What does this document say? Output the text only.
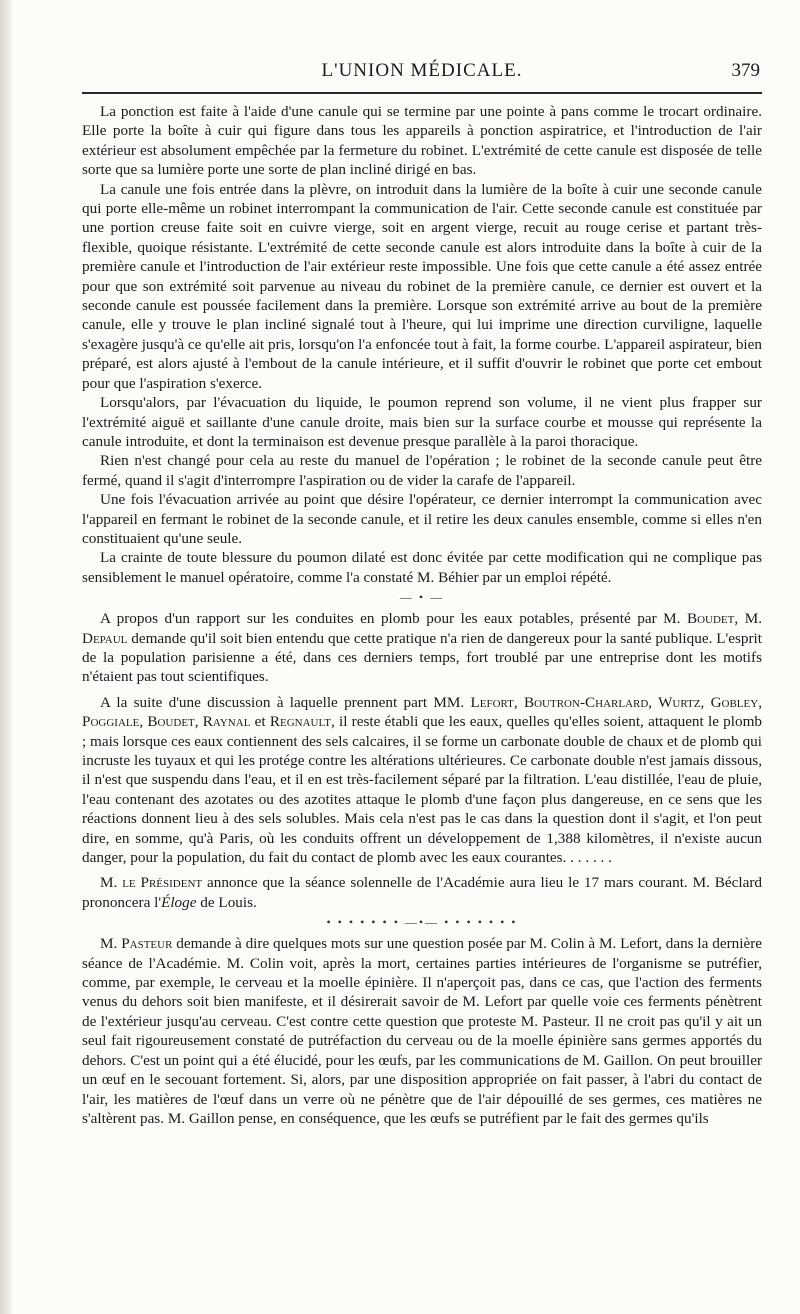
L'UNION MÉDICALE.	379

La ponction est faite à l'aide d'une canule qui se termine par une pointe à pans comme le trocart ordinaire. Elle porte la boîte à cuir qui figure dans tous les appareils à ponction aspiratrice, et l'introduction de l'air extérieur est absolument empêchée par la fermeture du robinet. L'extrémité de cette canule est disposée de telle sorte que sa lumière porte une sorte de plan incliné dirigé en bas.

La canule une fois entrée dans la plèvre, on introduit dans la lumière de la boîte à cuir une seconde canule qui porte elle-même un robinet interrompant la communication de l'air. Cette seconde canule est constituée par une portion creuse faite soit en cuivre vierge, soit en argent vierge, recuit au rouge cerise et partant très-flexible, quoique résistante. L'extrémité de cette seconde canule est alors introduite dans la boîte à cuir de la première canule et l'introduction de l'air extérieur reste impossible. Une fois que cette canule a été assez entrée pour que son extrémité soit parvenue au niveau du robinet de la première canule, ce dernier est ouvert et la seconde canule est poussée facilement dans la première. Lorsque son extrémité arrive au bout de la première canule, elle y trouve le plan incliné signalé tout à l'heure, qui lui imprime une direction curviligne, laquelle s'exagère jusqu'à ce qu'elle ait pris, lorsqu'on l'a enfoncée tout à fait, la forme courbe. L'appareil aspirateur, bien préparé, est alors ajusté à l'embout de la canule intérieure, et il suffit d'ouvrir le robinet que porte cet embout pour que l'aspiration s'exerce.

Lorsqu'alors, par l'évacuation du liquide, le poumon reprend son volume, il ne vient plus frapper sur l'extrémité aiguë et saillante d'une canule droite, mais bien sur la surface courbe et mousse qui représente la canule introduite, et dont la terminaison est devenue presque parallèle à la paroi thoracique.

Rien n'est changé pour cela au reste du manuel de l'opération ; le robinet de la seconde canule peut être fermé, quand il s'agit d'interrompre l'aspiration ou de vider la carafe de l'appareil.

Une fois l'évacuation arrivée au point que désire l'opérateur, ce dernier interrompt la communication avec l'appareil en fermant le robinet de la seconde canule, et il retire les deux canules ensemble, comme si elles n'en constituaient qu'une seule.

La crainte de toute blessure du poumon dilaté est donc évitée par cette modification qui ne complique pas sensiblement le manuel opératoire, comme l'a constaté M. Béhier par un emploi répété.

— • —

A propos d'un rapport sur les conduites en plomb pour les eaux potables, présenté par M. Boudet, M. Depaul demande qu'il soit bien entendu que cette pratique n'a rien de dangereux pour la santé publique. L'esprit de la population parisienne a été, dans ces derniers temps, fort troublé par une entreprise dont les motifs n'étaient pas tout scientifiques.

A la suite d'une discussion à laquelle prennent part MM. Lefort, Boutron-Charlard, Wurtz, Gobley, Poggiale, Boudet, Raynal et Regnault, il reste établi que les eaux, quelles qu'elles soient, attaquent le plomb ; mais lorsque ces eaux contiennent des sels calcaires, il se forme un carbonate double de chaux et de plomb qui incruste les tuyaux et qui les protége contre les altérations ultérieures. Ce carbonate double n'est jamais dissous, il n'est que suspendu dans l'eau, et il en est très-facilement séparé par la filtration. L'eau distillée, l'eau de pluie, l'eau contenant des azotates ou des azotites attaque le plomb d'une façon plus dangereuse, en ce sens que les réactions donnent lieu à des sels solubles. Mais cela n'est pas le cas dans la question dont il s'agit, et l'on peut dire, en somme, qu'à Paris, où les conduits offrent un développement de 1,388 kilomètres, il n'existe aucun danger, pour la population, du fait du contact de plomb avec les eaux courantes. . . . . . .

M. le Président annonce que la séance solennelle de l'Académie aura lieu le 17 mars courant. M. Béclard prononcera l'Éloge de Louis.

• • • • • • • —•— • • • • • • •

M. Pasteur demande à dire quelques mots sur une question posée par M. Colin à M. Lefort, dans la dernière séance de l'Académie. M. Colin voit, après la mort, certaines parties intérieures de l'organisme se putréfier, comme, par exemple, le cerveau et la moelle épinière. Il n'aperçoit pas, dans ce cas, que l'action des ferments venus du dehors soit bien manifeste, et il désirerait savoir de M. Lefort par quelle voie ces ferments pénètrent de l'extérieur jusqu'au cerveau. C'est contre cette question que proteste M. Pasteur. Il ne croit pas qu'il y ait un seul fait rigoureusement constaté de putréfaction du cerveau ou de la moelle épinière sans germes apportés du dehors. C'est un point qui a été élucidé, pour les œufs, par les communications de M. Gaillon. On peut brouiller un œuf en le secouant fortement. Si, alors, par une disposition appropriée on fait passer, à l'abri du contact de l'air, les matières de l'œuf dans un verre où ne pénètre que de l'air dépouillé de ses germes, ces matières ne s'altèrent pas. M. Gaillon pense, en conséquence, que les œufs se putréfient par le fait des germes qu'ils
